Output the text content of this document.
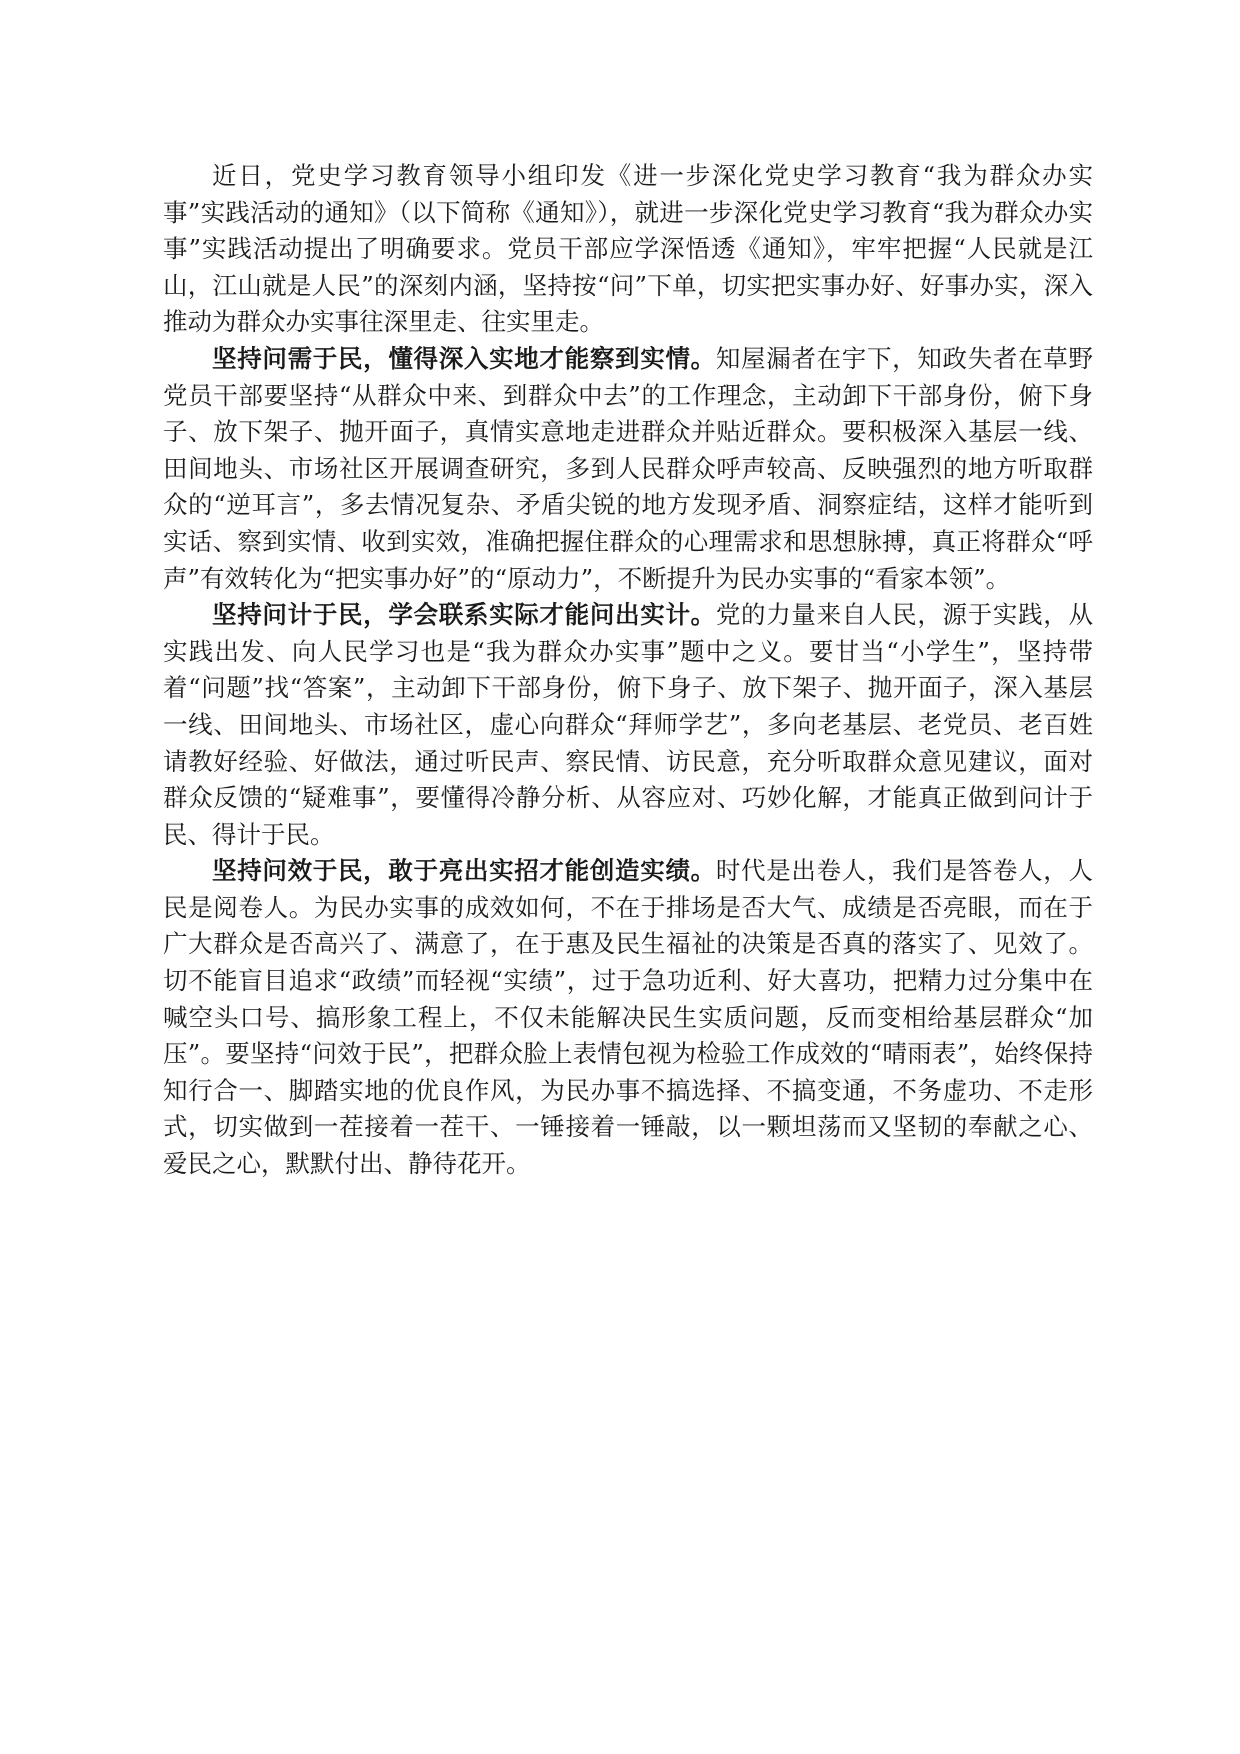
近日，党史学习教育领导小组印发《进一步深化党史学习教育“我为群众办实事”实践活动的通知》（以下简称《通知》），就进一步深化党史学习教育“我为群众办实事”实践活动提出了明确要求。党员干部应学深悟透《通知》，牢牢把握“人民就是江山，江山就是人民”的深刻内涵，坚持按“问”下单，切实把实事办好、好事办实，深入推动为群众办实事往深里走、往实里走。

坚持问需于民，懂得深入实地才能察到实情。知屋漏者在宇下，知政失者在草野党员干部要坚持“从群众中来、到群众中去”的工作理念，主动卸下干部身份，俯下身子、放下架子、抛开面子，真情实意地走进群众并贴近群众。要积极深入基层一线、田间地头、市场社区开展调查研究，多到人民群众呼声较高、反映强烈的地方听取群众的“逆耳言”，多去情况复杂、矛盾尖锐的地方发现矛盾、洞察症结，这样才能听到实话、察到实情、收到实效，准确把握住群众的心理需求和思想脉搏，真正将群众“呼声”有效转化为“把实事办好”的“原动力”，不断提升为民办实事的“看家本领”。

坚持问计于民，学会联系实际才能问出实计。党的力量来自人民，源于实践，从实践出发、向人民学习也是“我为群众办实事”题中之义。要甘当“小学生”，坚持带着“问题”找“答案”，主动卸下干部身份，俯下身子、放下架子、抛开面子，深入基层一线、田间地头、市场社区，虚心向群众“拜师学艺”，多向老基层、老党员、老百姓请教好经验、好做法，通过听民声、察民情、访民意，充分听取群众意见建议，面对群众反馈的“疑难事”，要懂得冷静分析、从容应对、巧妙化解，才能真正做到问计于民、得计于民。

坚持问效于民，敢于亮出实招才能创造实绩。时代是出卷人，我们是答卷人，人民是阅卷人。为民办实事的成效如何，不在于排场是否大气、成绩是否亮眼，而在于广大群众是否高兴了、满意了，在于惠及民生福祉的决策是否真的落实了、见效了。切不能盲目追求“政绩”而轻视“实绩”，过于急功近利、好大喜功，把精力过分集中在喊空头口号、搞形象工程上，不仅未能解决民生实质问题，反而变相给基层群众“加压”。要坚持“问效于民”，把群众脸上表情包视为检验工作成效的“晴雨表”，始终保持知行合一、脚踏实地的优良作风，为民办事不搞选择、不搞变通，不务虚功、不走形式，切实做到一茬接着一茬干、一锤接着一锤敲，以一颗坦荡而又坚韧的奉献之心、爱民之心，默默付出、静待花开。
